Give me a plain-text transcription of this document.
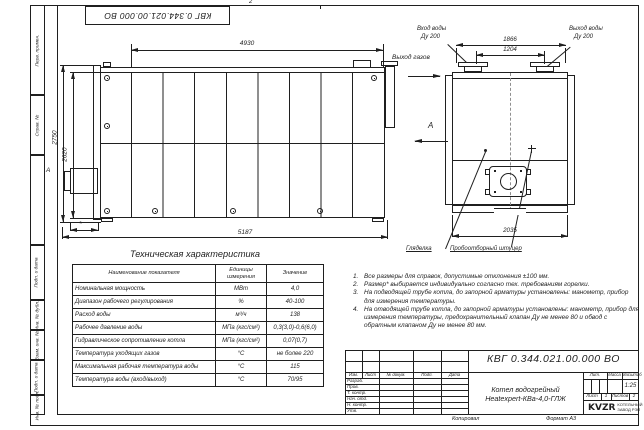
Перв. примен.
Справ. №
Подп. и дата
Инв. № дубл.
Взам. инв. №
Подп. и дата
Инв. № подл.
КВГ 0.344.021.00.000 ВО
2
А
4930
2750
2620
5187
*
Выход газов
А
1866
1204
Вход воды
Ду 200
Выход воды
Ду 200
Гляделка	Пробоотборный штуцер
2035
Техническая характеристика
Наименование показателя	Единицы измерения	Значение
Номинальная мощность	МВт	4,0
Диапазон рабочего регулирования	%	40-100
Расход воды	м³/ч	138
Рабочее давление воды	МПа (кгс/см²)	0,3(3,0)-0,6(6,0)
Гидравлическое сопротивление котла	МПа (кгс/см²)	0,07(0,7)
Температура уходящих газов	°С	не более 220
Максимальная рабочая температура воды	°С	115
Температура воды (вход/выход)	°С	70/95
1. Все размеры для справок, допустимые отклонения ±100 мм.
2. Размер* выбирается индивидуально согласно тех. требованиям горелки.
3. На подводящей трубе котла, до запорной арматуры установлены: манометр, прибор для измерения температуры.
4. На отводящей трубе котла, до запорной арматуры установлены: манометр, прибор для измерения температуры, предохранительный клапан Ду не менее 80 и обвод с обратным клапаном Ду не менее 80 мм.
КВГ 0.344.021.00.000 ВО
Котел водогрейный
Heatexpert-КВа-4,0-ГЛЖ
Изм.	Лист	№ докум.	Подп.	Дата
Разраб.
Пров.
Т. контр.
Нач. отд.
Н. контр.
Утв.
Лит.	Масса Масштаб
1:25
Лист	1	Листов	2
KVZR КОТЕЛЬНЫЙ
ЗАВОД РЭП
Копировал	Формат А3
